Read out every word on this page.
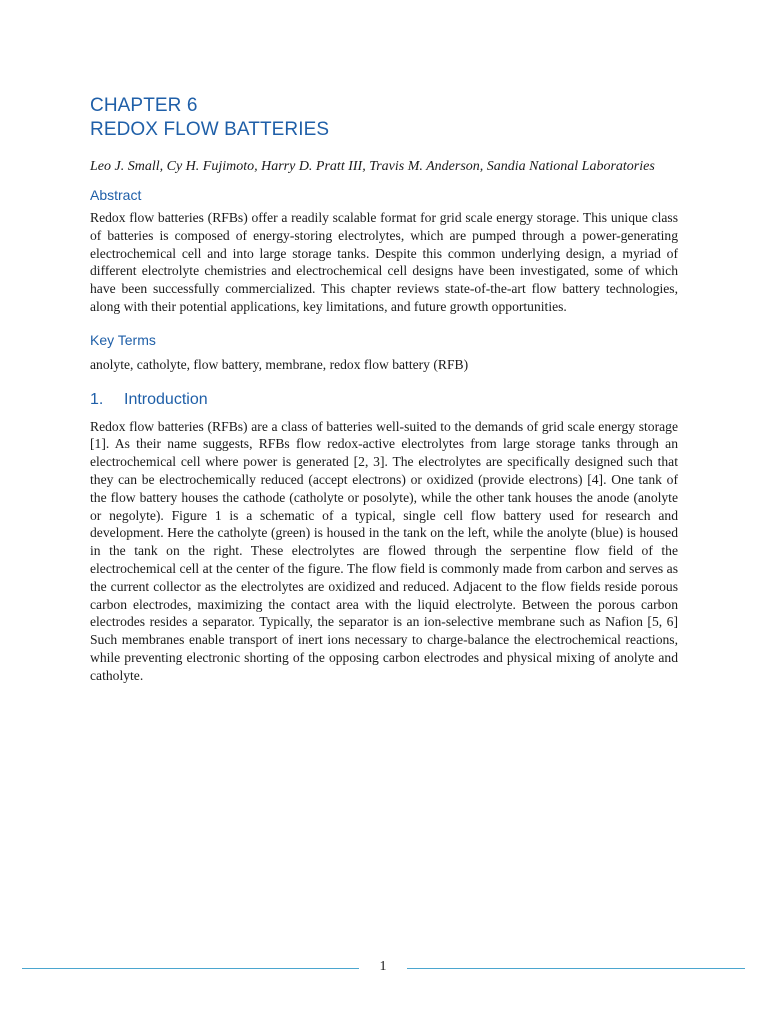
CHAPTER 6
REDOX FLOW BATTERIES

Leo J. Small, Cy H. Fujimoto, Harry D. Pratt III, Travis M. Anderson, Sandia National Laboratories

Abstract

Redox flow batteries (RFBs) offer a readily scalable format for grid scale energy storage. This unique class of batteries is composed of energy-storing electrolytes, which are pumped through a power-generating electrochemical cell and into large storage tanks. Despite this common underlying design, a myriad of different electrolyte chemistries and electrochemical cell designs have been investigated, some of which have been successfully commercialized. This chapter reviews state-of-the-art flow battery technologies, along with their potential applications, key limitations, and future growth opportunities.

Key Terms

anolyte, catholyte, flow battery, membrane, redox flow battery (RFB)

1. Introduction

Redox flow batteries (RFBs) are a class of batteries well-suited to the demands of grid scale energy storage [1]. As their name suggests, RFBs flow redox-active electrolytes from large storage tanks through an electrochemical cell where power is generated [2, 3]. The electrolytes are specifically designed such that they can be electrochemically reduced (accept electrons) or oxidized (provide electrons) [4]. One tank of the flow battery houses the cathode (catholyte or posolyte), while the other tank houses the anode (anolyte or negolyte). Figure 1 is a schematic of a typical, single cell flow battery used for research and development. Here the catholyte (green) is housed in the tank on the left, while the anolyte (blue) is housed in the tank on the right. These electrolytes are flowed through the serpentine flow field of the electrochemical cell at the center of the figure. The flow field is commonly made from carbon and serves as the current collector as the electrolytes are oxidized and reduced. Adjacent to the flow fields reside porous carbon electrodes, maximizing the contact area with the liquid electrolyte. Between the porous carbon electrodes resides a separator. Typically, the separator is an ion-selective membrane such as Nafion [5, 6] Such membranes enable transport of inert ions necessary to charge-balance the electrochemical reactions, while preventing electronic shorting of the opposing carbon electrodes and physical mixing of anolyte and catholyte.

1
